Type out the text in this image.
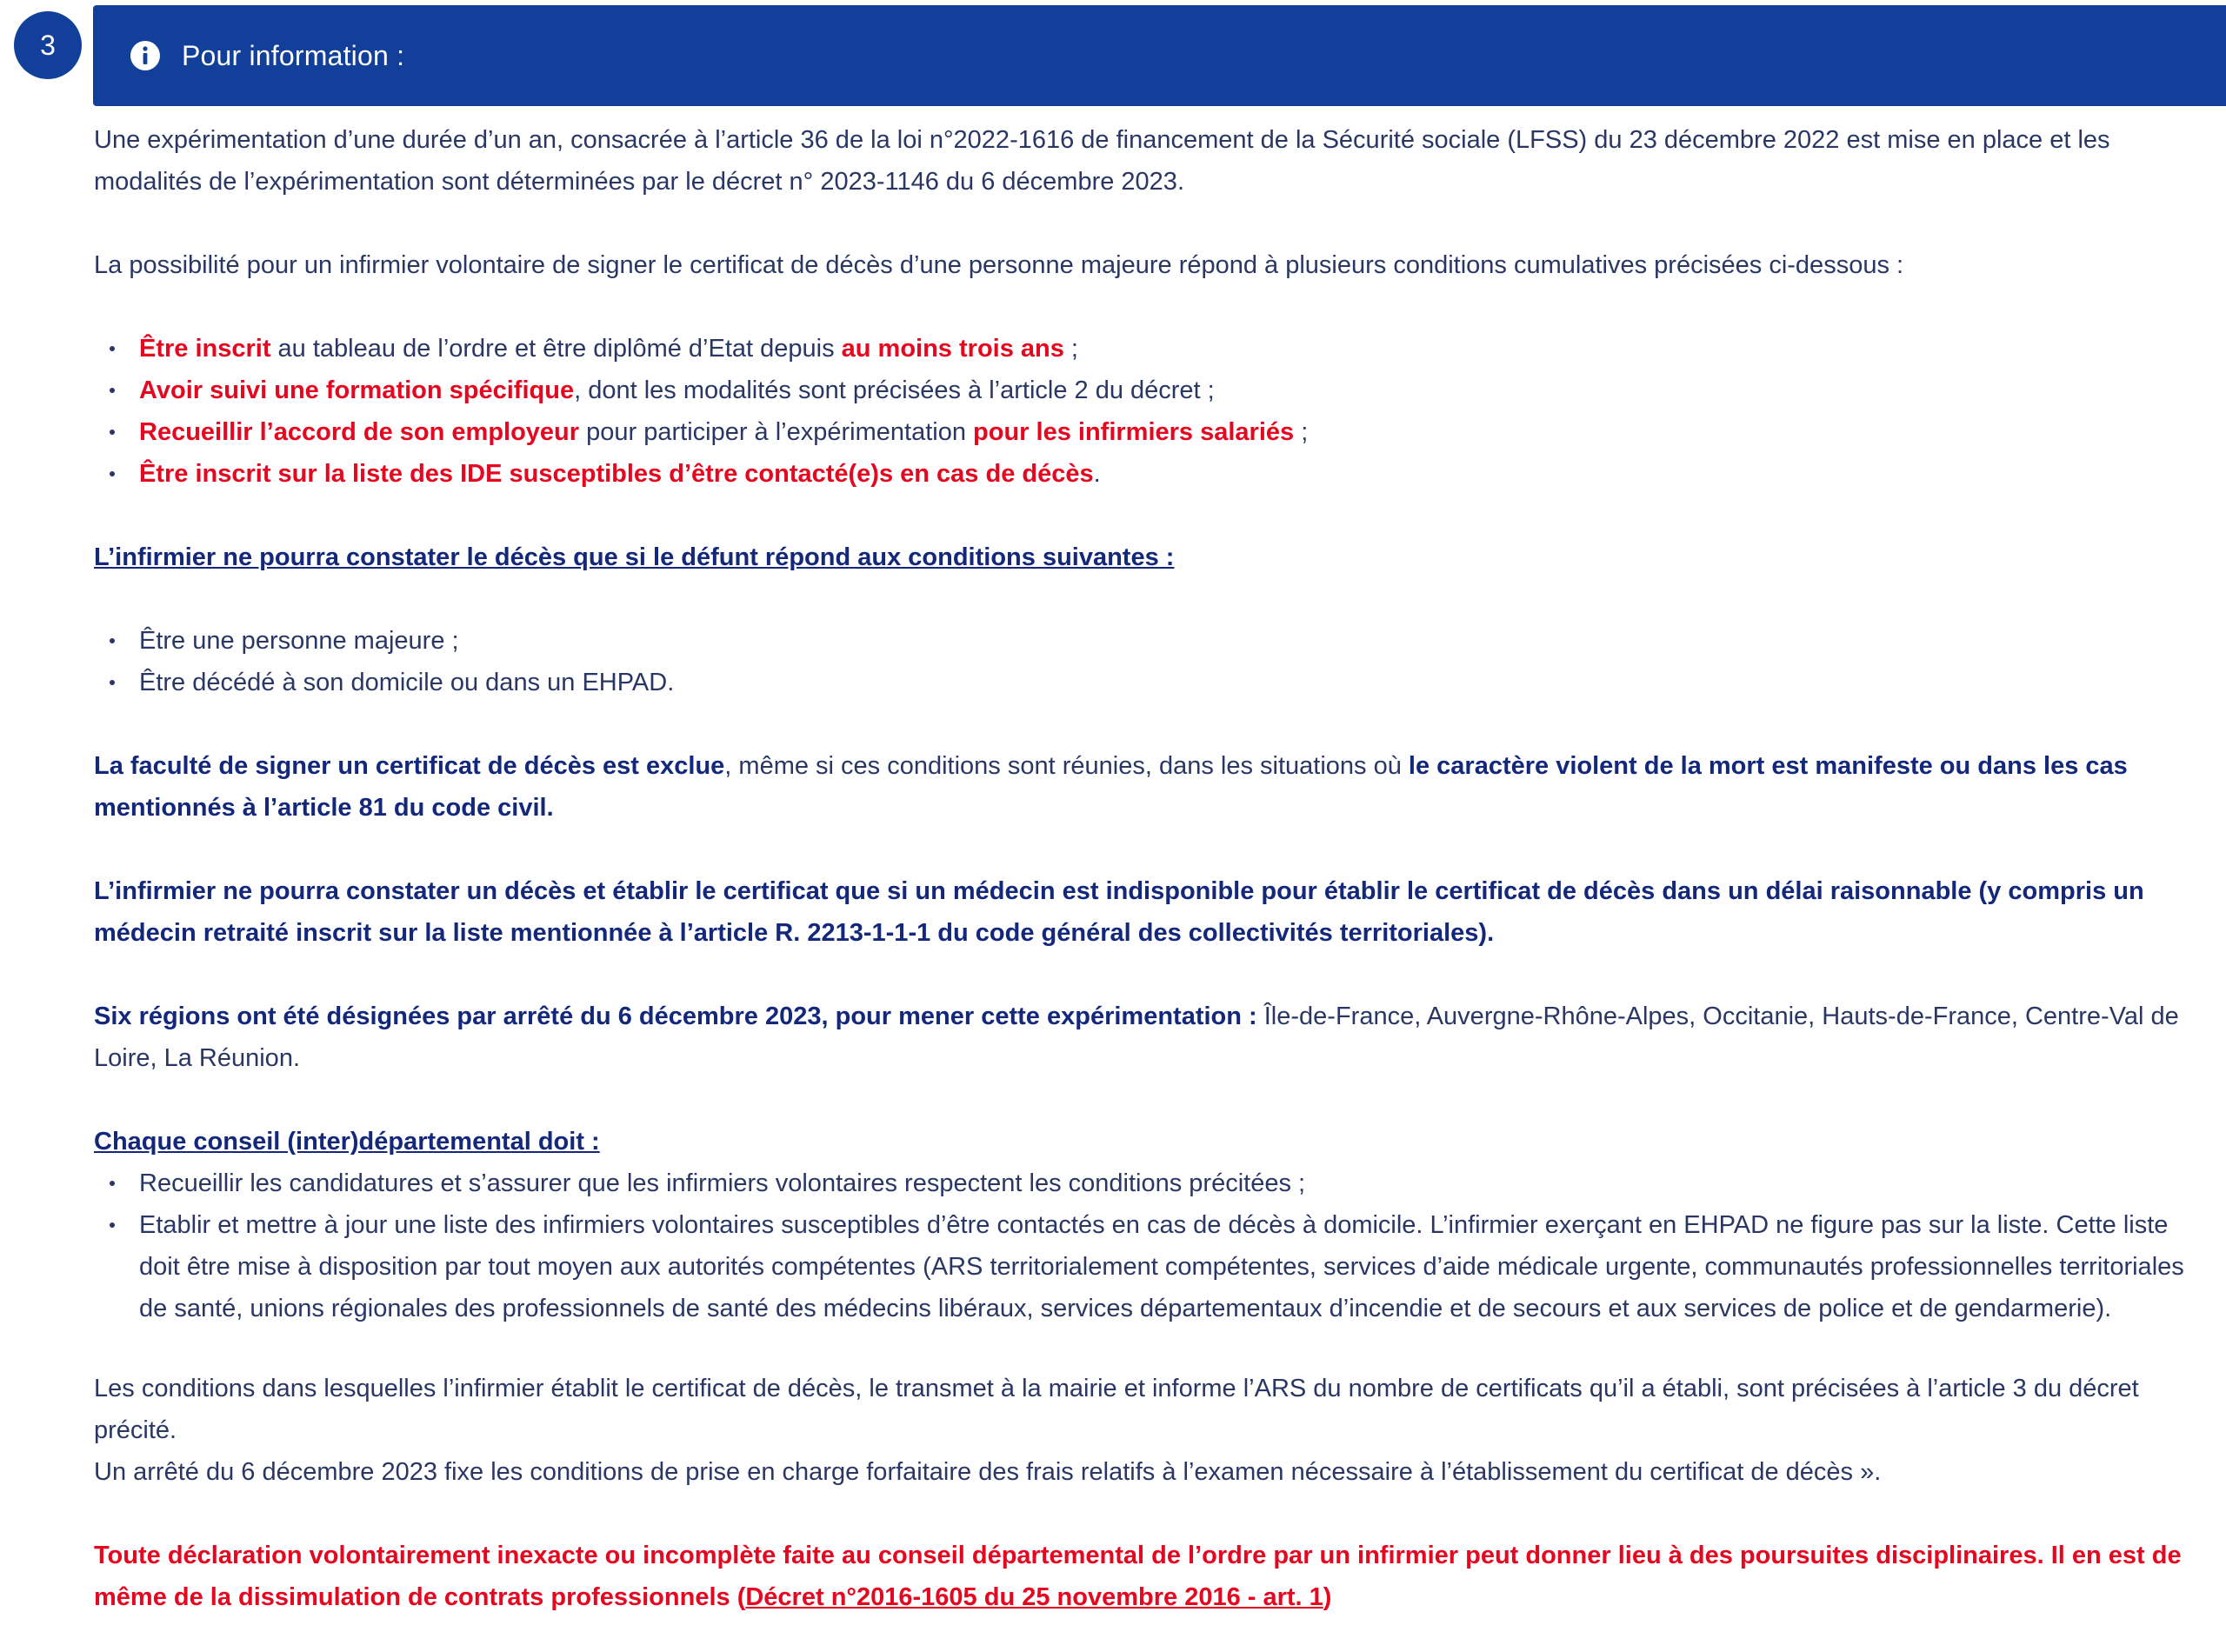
3	Pour information :

Une expérimentation d’une durée d’un an, consacrée à l’article 36 de la loi n°2022-1616 de financement de la Sécurité sociale (LFSS) du 23 décembre 2022 est mise en place et les modalités de l’expérimentation sont déterminées par le décret n° 2023-1146 du 6 décembre 2023.

La possibilité pour un infirmier volontaire de signer le certificat de décès d’une personne majeure répond à plusieurs conditions cumulatives précisées ci-dessous :

Être inscrit au tableau de l’ordre et être diplômé d’Etat depuis au moins trois ans ;
Avoir suivi une formation spécifique, dont les modalités sont précisées à l’article 2 du décret ;
Recueillir l’accord de son employeur pour participer à l’expérimentation pour les infirmiers salariés ;
Être inscrit sur la liste des IDE susceptibles d’être contacté(e)s en cas de décès.

L’infirmier ne pourra constater le décès que si le défunt répond aux conditions suivantes :

Être une personne majeure ;
Être décédé à son domicile ou dans un EHPAD.

La faculté de signer un certificat de décès est exclue, même si ces conditions sont réunies, dans les situations où le caractère violent de la mort est manifeste ou dans les cas mentionnés à l’article 81 du code civil.

L’infirmier ne pourra constater un décès et établir le certificat que si un médecin est indisponible pour établir le certificat de décès dans un délai raisonnable (y compris un médecin retraité inscrit sur la liste mentionnée à l’article R. 2213-1-1-1 du code général des collectivités territoriales).

Six régions ont été désignées par arrêté du 6 décembre 2023, pour mener cette expérimentation : Île-de-France, Auvergne-Rhône-Alpes, Occitanie, Hauts-de-France, Centre-Val de Loire, La Réunion.

Chaque conseil (inter)départemental doit :

Recueillir les candidatures et s’assurer que les infirmiers volontaires respectent les conditions précitées ;
Etablir et mettre à jour une liste des infirmiers volontaires susceptibles d’être contactés en cas de décès à domicile. L’infirmier exerçant en EHPAD ne figure pas sur la liste. Cette liste doit être mise à disposition par tout moyen aux autorités compétentes (ARS territorialement compétentes, services d’aide médicale urgente, communautés professionnelles territoriales de santé, unions régionales des professionnels de santé des médecins libéraux, services départementaux d’incendie et de secours et aux services de police et de gendarmerie).

Les conditions dans lesquelles l’infirmier établit le certificat de décès, le transmet à la mairie et informe l’ARS du nombre de certificats qu’il a établi, sont précisées à l’article 3 du décret précité.

Un arrêté du 6 décembre 2023 fixe les conditions de prise en charge forfaitaire des frais relatifs à l’examen nécessaire à l’établissement du certificat de décès ».

Toute déclaration volontairement inexacte ou incomplète faite au conseil départemental de l’ordre par un infirmier peut donner lieu à des poursuites disciplinaires. Il en est de même de la dissimulation de contrats professionnels (Décret n°2016-1605 du 25 novembre 2016 - art. 1)
